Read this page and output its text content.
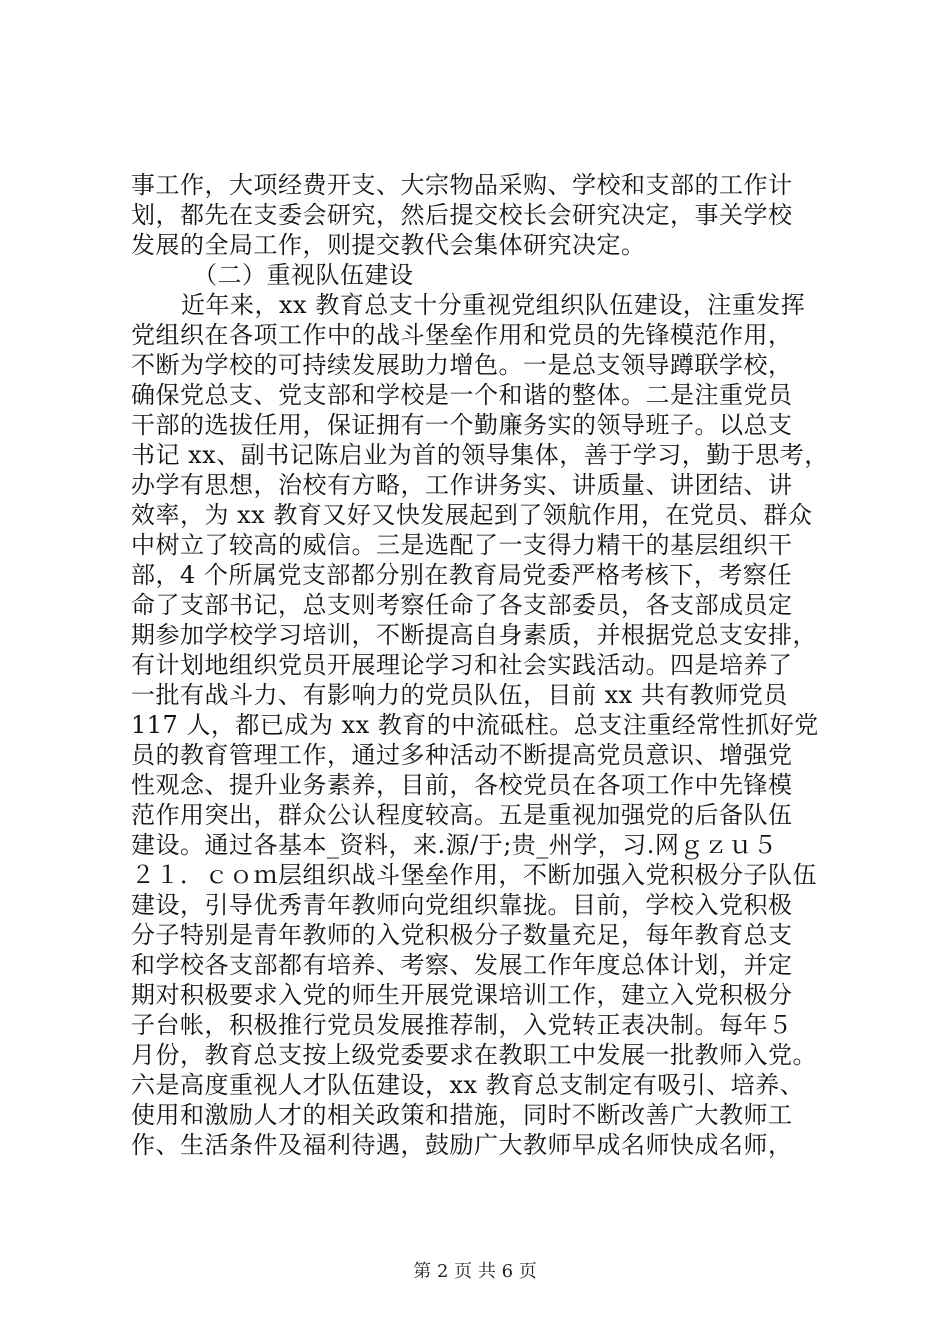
事工作，大项经费开支、大宗物品采购、学校和支部的工作计
划，都先在支委会研究，然后提交校长会研究决定，事关学校
发展的全局工作，则提交教代会集体研究决定。
（二）重视队伍建设
近年来，xx 教育总支十分重视党组织队伍建设，注重发挥
党组织在各项工作中的战斗堡垒作用和党员的先锋模范作用，
不断为学校的可持续发展助力增色。一是总支领导蹲联学校，
确保党总支、党支部和学校是一个和谐的整体。二是注重党员
干部的选拔任用，保证拥有一个勤廉务实的领导班子。以总支
书记 xx、副书记陈启业为首的领导集体，善于学习，勤于思考，
办学有思想，治校有方略，工作讲务实、讲质量、讲团结、讲
效率，为 xx 教育又好又快发展起到了领航作用，在党员、群众
中树立了较高的威信。三是选配了一支得力精干的基层组织干
部，4 个所属党支部都分别在教育局党委严格考核下，考察任
命了支部书记，总支则考察任命了各支部委员，各支部成员定
期参加学校学习培训，不断提高自身素质，并根据党总支安排，
有计划地组织党员开展理论学习和社会实践活动。四是培养了
一批有战斗力、有影响力的党员队伍，目前 xx 共有教师党员
117 人，都已成为 xx 教育的中流砥柱。总支注重经常性抓好党
员的教育管理工作，通过多种活动不断提高党员意识、增强党
性观念、提升业务素养，目前，各校党员在各项工作中先锋模
范作用突出，群众公认程度较高。五是重视加强党的后备队伍
建设。通过各基本_资料，来.源/于;贵_州学，习.网ｇｚｕ５
２１．ｃｏｍ层组织战斗堡垒作用，不断加强入党积极分子队伍
建设，引导优秀青年教师向党组织靠拢。目前，学校入党积极
分子特别是青年教师的入党积极分子数量充足，每年教育总支
和学校各支部都有培养、考察、发展工作年度总体计划，并定
期对积极要求入党的师生开展党课培训工作，建立入党积极分
子台帐，积极推行党员发展推荐制，入党转正表决制。每年５
月份，教育总支按上级党委要求在教职工中发展一批教师入党。
六是高度重视人才队伍建设，xx 教育总支制定有吸引、培养、
使用和激励人才的相关政策和措施，同时不断改善广大教师工
作、生活条件及福利待遇，鼓励广大教师早成名师快成名师，
第 2 页 共 6 页
